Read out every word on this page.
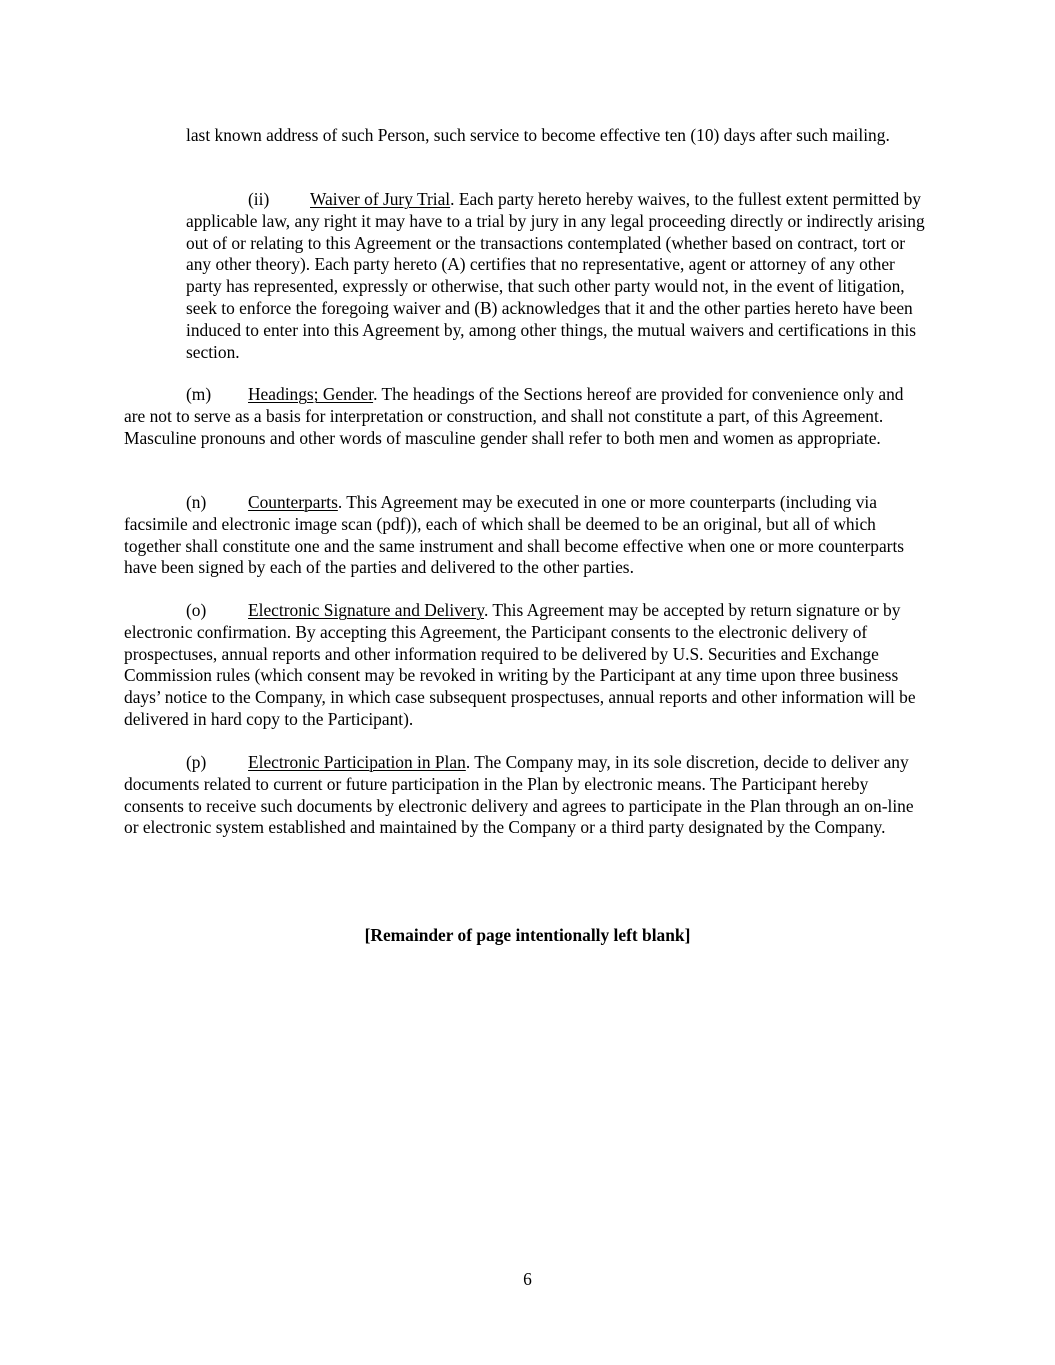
last known address of such Person, such service to become effective ten (10) days after such mailing.

(ii) Waiver of Jury Trial. Each party hereto hereby waives, to the fullest extent permitted by applicable law, any right it may have to a trial by jury in any legal proceeding directly or indirectly arising out of or relating to this Agreement or the transactions contemplated (whether based on contract, tort or any other theory). Each party hereto (A) certifies that no representative, agent or attorney of any other party has represented, expressly or otherwise, that such other party would not, in the event of litigation, seek to enforce the foregoing waiver and (B) acknowledges that it and the other parties hereto have been induced to enter into this Agreement by, among other things, the mutual waivers and certifications in this section.

(m) Headings; Gender. The headings of the Sections hereof are provided for convenience only and are not to serve as a basis for interpretation or construction, and shall not constitute a part, of this Agreement. Masculine pronouns and other words of masculine gender shall refer to both men and women as appropriate.

(n) Counterparts. This Agreement may be executed in one or more counterparts (including via facsimile and electronic image scan (pdf)), each of which shall be deemed to be an original, but all of which together shall constitute one and the same instrument and shall become effective when one or more counterparts have been signed by each of the parties and delivered to the other parties.

(o) Electronic Signature and Delivery. This Agreement may be accepted by return signature or by electronic confirmation. By accepting this Agreement, the Participant consents to the electronic delivery of prospectuses, annual reports and other information required to be delivered by U.S. Securities and Exchange Commission rules (which consent may be revoked in writing by the Participant at any time upon three business days’ notice to the Company, in which case subsequent prospectuses, annual reports and other information will be delivered in hard copy to the Participant).

(p) Electronic Participation in Plan. The Company may, in its sole discretion, decide to deliver any documents related to current or future participation in the Plan by electronic means. The Participant hereby consents to receive such documents by electronic delivery and agrees to participate in the Plan through an on-line or electronic system established and maintained by the Company or a third party designated by the Company.

[Remainder of page intentionally left blank]
6
